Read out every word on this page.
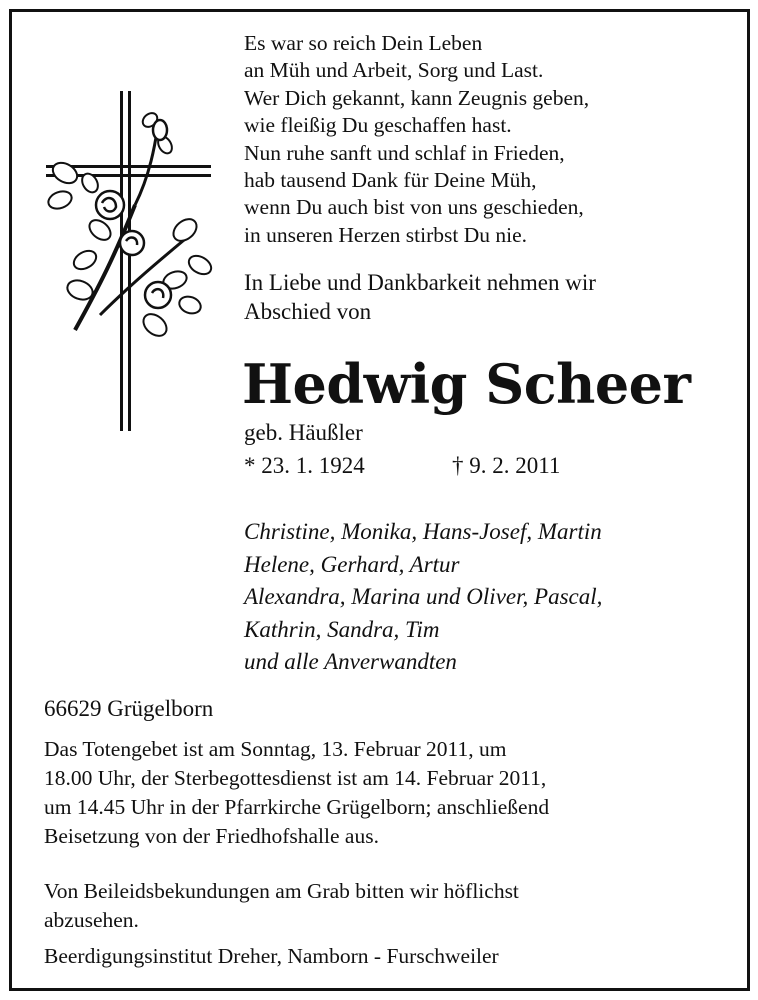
Es war so reich Dein Leben
an Müh und Arbeit, Sorg und Last.
Wer Dich gekannt, kann Zeugnis geben,
wie fleißig Du geschaffen hast.
Nun ruhe sanft und schlaf in Frieden,
hab tausend Dank für Deine Müh,
wenn Du auch bist von uns geschieden,
in unseren Herzen stirbst Du nie.
In Liebe und Dankbarkeit nehmen wir
Abschied von
Hedwig Scheer
geb. Häußler
* 23. 1. 1924	† 9. 2. 2011
Christine, Monika, Hans-Josef, Martin
Helene, Gerhard, Artur
Alexandra, Marina und Oliver, Pascal,
Kathrin, Sandra, Tim
und alle Anverwandten
66629 Grügelborn
Das Totengebet ist am Sonntag, 13. Februar 2011, um
18.00 Uhr, der Sterbegottesdienst ist am 14. Februar 2011,
um 14.45 Uhr in der Pfarrkirche Grügelborn; anschließend
Beisetzung von der Friedhofshalle aus.
Von Beileidsbekundungen am Grab bitten wir höflichst
abzusehen.
Beerdigungsinstitut Dreher, Namborn - Furschweiler
